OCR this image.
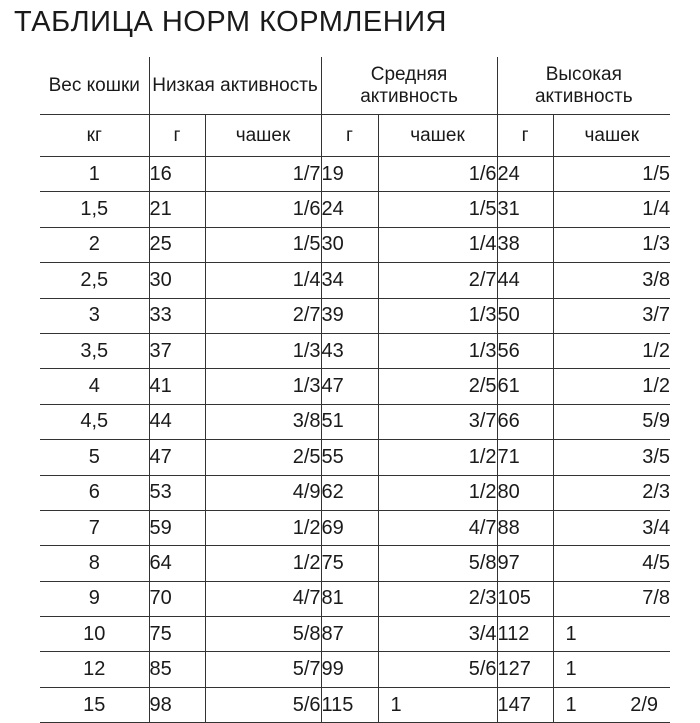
ТАБЛИЦА НОРМ КОРМЛЕНИЯ
Вес кошки	Низкая активность		Средняя активность		Высокая активность	
кг	г	чашек	г	чашек	г	чашек
1	16	1/7	19	1/6	24	1/5
1,5	21	1/6	24	1/5	31	1/4
2	25	1/5	30	1/4	38	1/3
2,5	30	1/4	34	2/7	44	3/8
3	33	2/7	39	1/3	50	3/7
3,5	37	1/3	43	1/3	56	1/2
4	41	1/3	47	2/5	61	1/2
4,5	44	3/8	51	3/7	66	5/9
5	47	2/5	55	1/2	71	3/5
6	53	4/9	62	1/2	80	2/3
7	59	1/2	69	4/7	88	3/4
8	64	1/2	75	5/8	97	4/5
9	70	4/7	81	2/3	105	7/8
10	75	5/8	87	3/4	112	1
12	85	5/7	99	5/6	127	1
15	98	5/6	115	1	147	1 2/9
